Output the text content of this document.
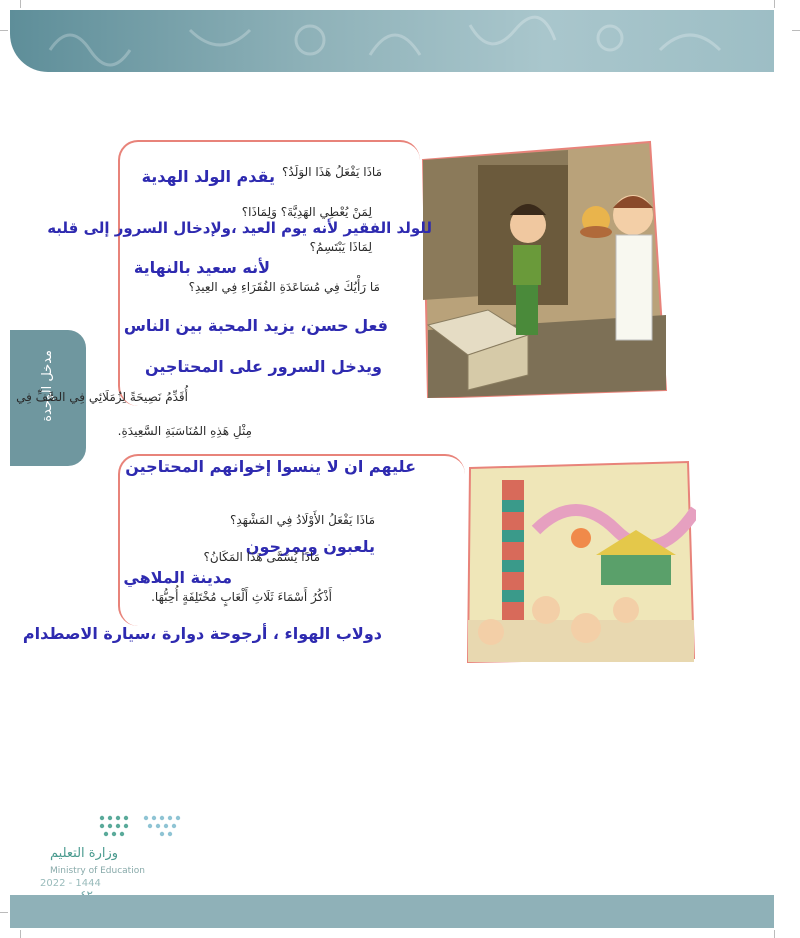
مدخل الوحدة
مَاذَا يَفْعَلُ هَذَا الوَلَدُ؟
يقدم الولد الهدية
لِمَنْ يُعْطِي الهَدِيَّةَ؟ وَلِمَاذَا؟
للولد الفقير لأنه يوم العيد ،ولإدخال السرور إلى قلبه
لِمَاذَا يَبْتَسِمُ؟
لأنه سعيد بالنهاية
مَا رَأْيُكَ فِي مُسَاعَدَةِ الفُقَرَاءِ فِي العِيدِ؟
فعل حسن، يزيد المحبة بين الناس
ويدخل السرور على المحتاجين
أُقَدِّمُ نَصِيحَةً لِزُمَلَائِي فِي الصَّفِّ فِي
مِثْلِ هَذِهِ المُنَاسَبَةِ السَّعِيدَةِ.
عليهم ان لا ينسوا إخوانهم المحتاجين
مَاذَا يَفْعَلُ الأَوْلَادُ فِي المَشْهَدِ؟
يلعبون ويمرحون
مَاذَا يُسَمَّى هَذَا المَكَانُ؟
مدينة الملاهي
أَذْكُرُ أَسْمَاءَ ثَلَاثِ أَلْعَابٍ مُخْتَلِفَةٍ أُحِبُّهَا.
دولاب الهواء ، أرجوحة دوارة ،سيارة الاصطدام
وزارة التعليم
Ministry of Education
2022 - 1444
